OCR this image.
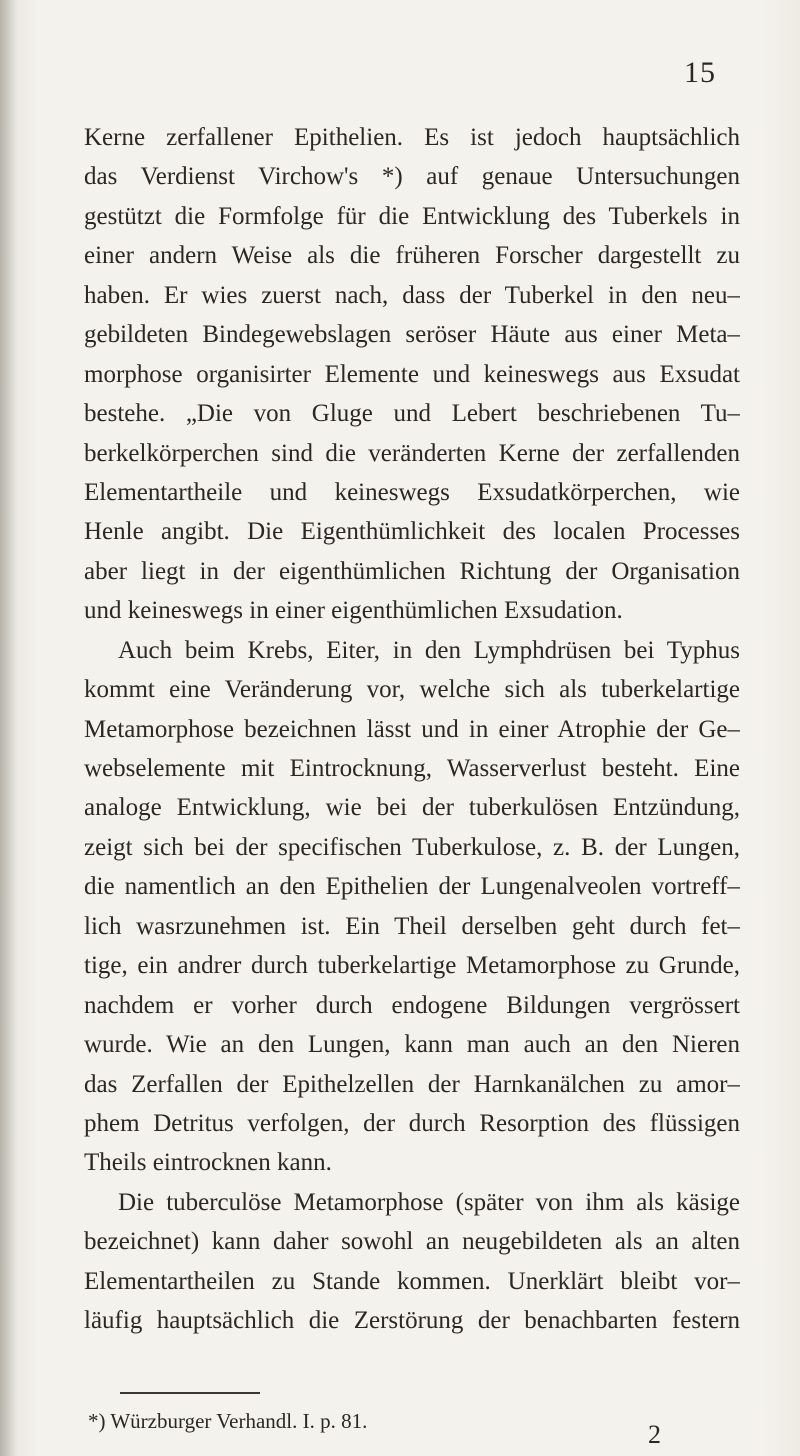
15
Kerne zerfallener Epithelien. Es ist jedoch hauptsächlich
das Verdienst Virchow's *) auf genaue Untersuchungen
gestützt die Formfolge für die Entwicklung des Tuberkels in
einer andern Weise als die früheren Forscher dargestellt zu
haben. Er wies zuerst nach, dass der Tuberkel in den neu–
gebildeten Bindegewebslagen seröser Häute aus einer Meta–
morphose organisirter Elemente und keineswegs aus Exsudat
bestehe. „Die von Gluge und Lebert beschriebenen Tu–
berkelkörperchen sind die veränderten Kerne der zerfallenden
Elementartheile und keineswegs Exsudatkörperchen, wie
Henle angibt. Die Eigenthümlichkeit des localen Processes
aber liegt in der eigenthümlichen Richtung der Organisation
und keineswegs in einer eigenthümlichen Exsudation.
Auch beim Krebs, Eiter, in den Lymphdrüsen bei Typhus
kommt eine Veränderung vor, welche sich als tuberkelartige
Metamorphose bezeichnen lässt und in einer Atrophie der Ge–
webselemente mit Eintrocknung, Wasserverlust besteht. Eine
analoge Entwicklung, wie bei der tuberkulösen Entzündung,
zeigt sich bei der specifischen Tuberkulose, z. B. der Lungen,
die namentlich an den Epithelien der Lungenalveolen vortreff–
lich wasrzunehmen ist. Ein Theil derselben geht durch fet–
tige, ein andrer durch tuberkelartige Metamorphose zu Grunde,
nachdem er vorher durch endogene Bildungen vergrössert
wurde. Wie an den Lungen, kann man auch an den Nieren
das Zerfallen der Epithelzellen der Harnkanälchen zu amor–
phem Detritus verfolgen, der durch Resorption des flüssigen
Theils eintrocknen kann.
Die tuberculöse Metamorphose (später von ihm als käsige
bezeichnet) kann daher sowohl an neugebildeten als an alten
Elementartheilen zu Stande kommen. Unerklärt bleibt vor–
läufig hauptsächlich die Zerstörung der benachbarten festern
*) Würzburger Verhandl. I. p. 81.	2
